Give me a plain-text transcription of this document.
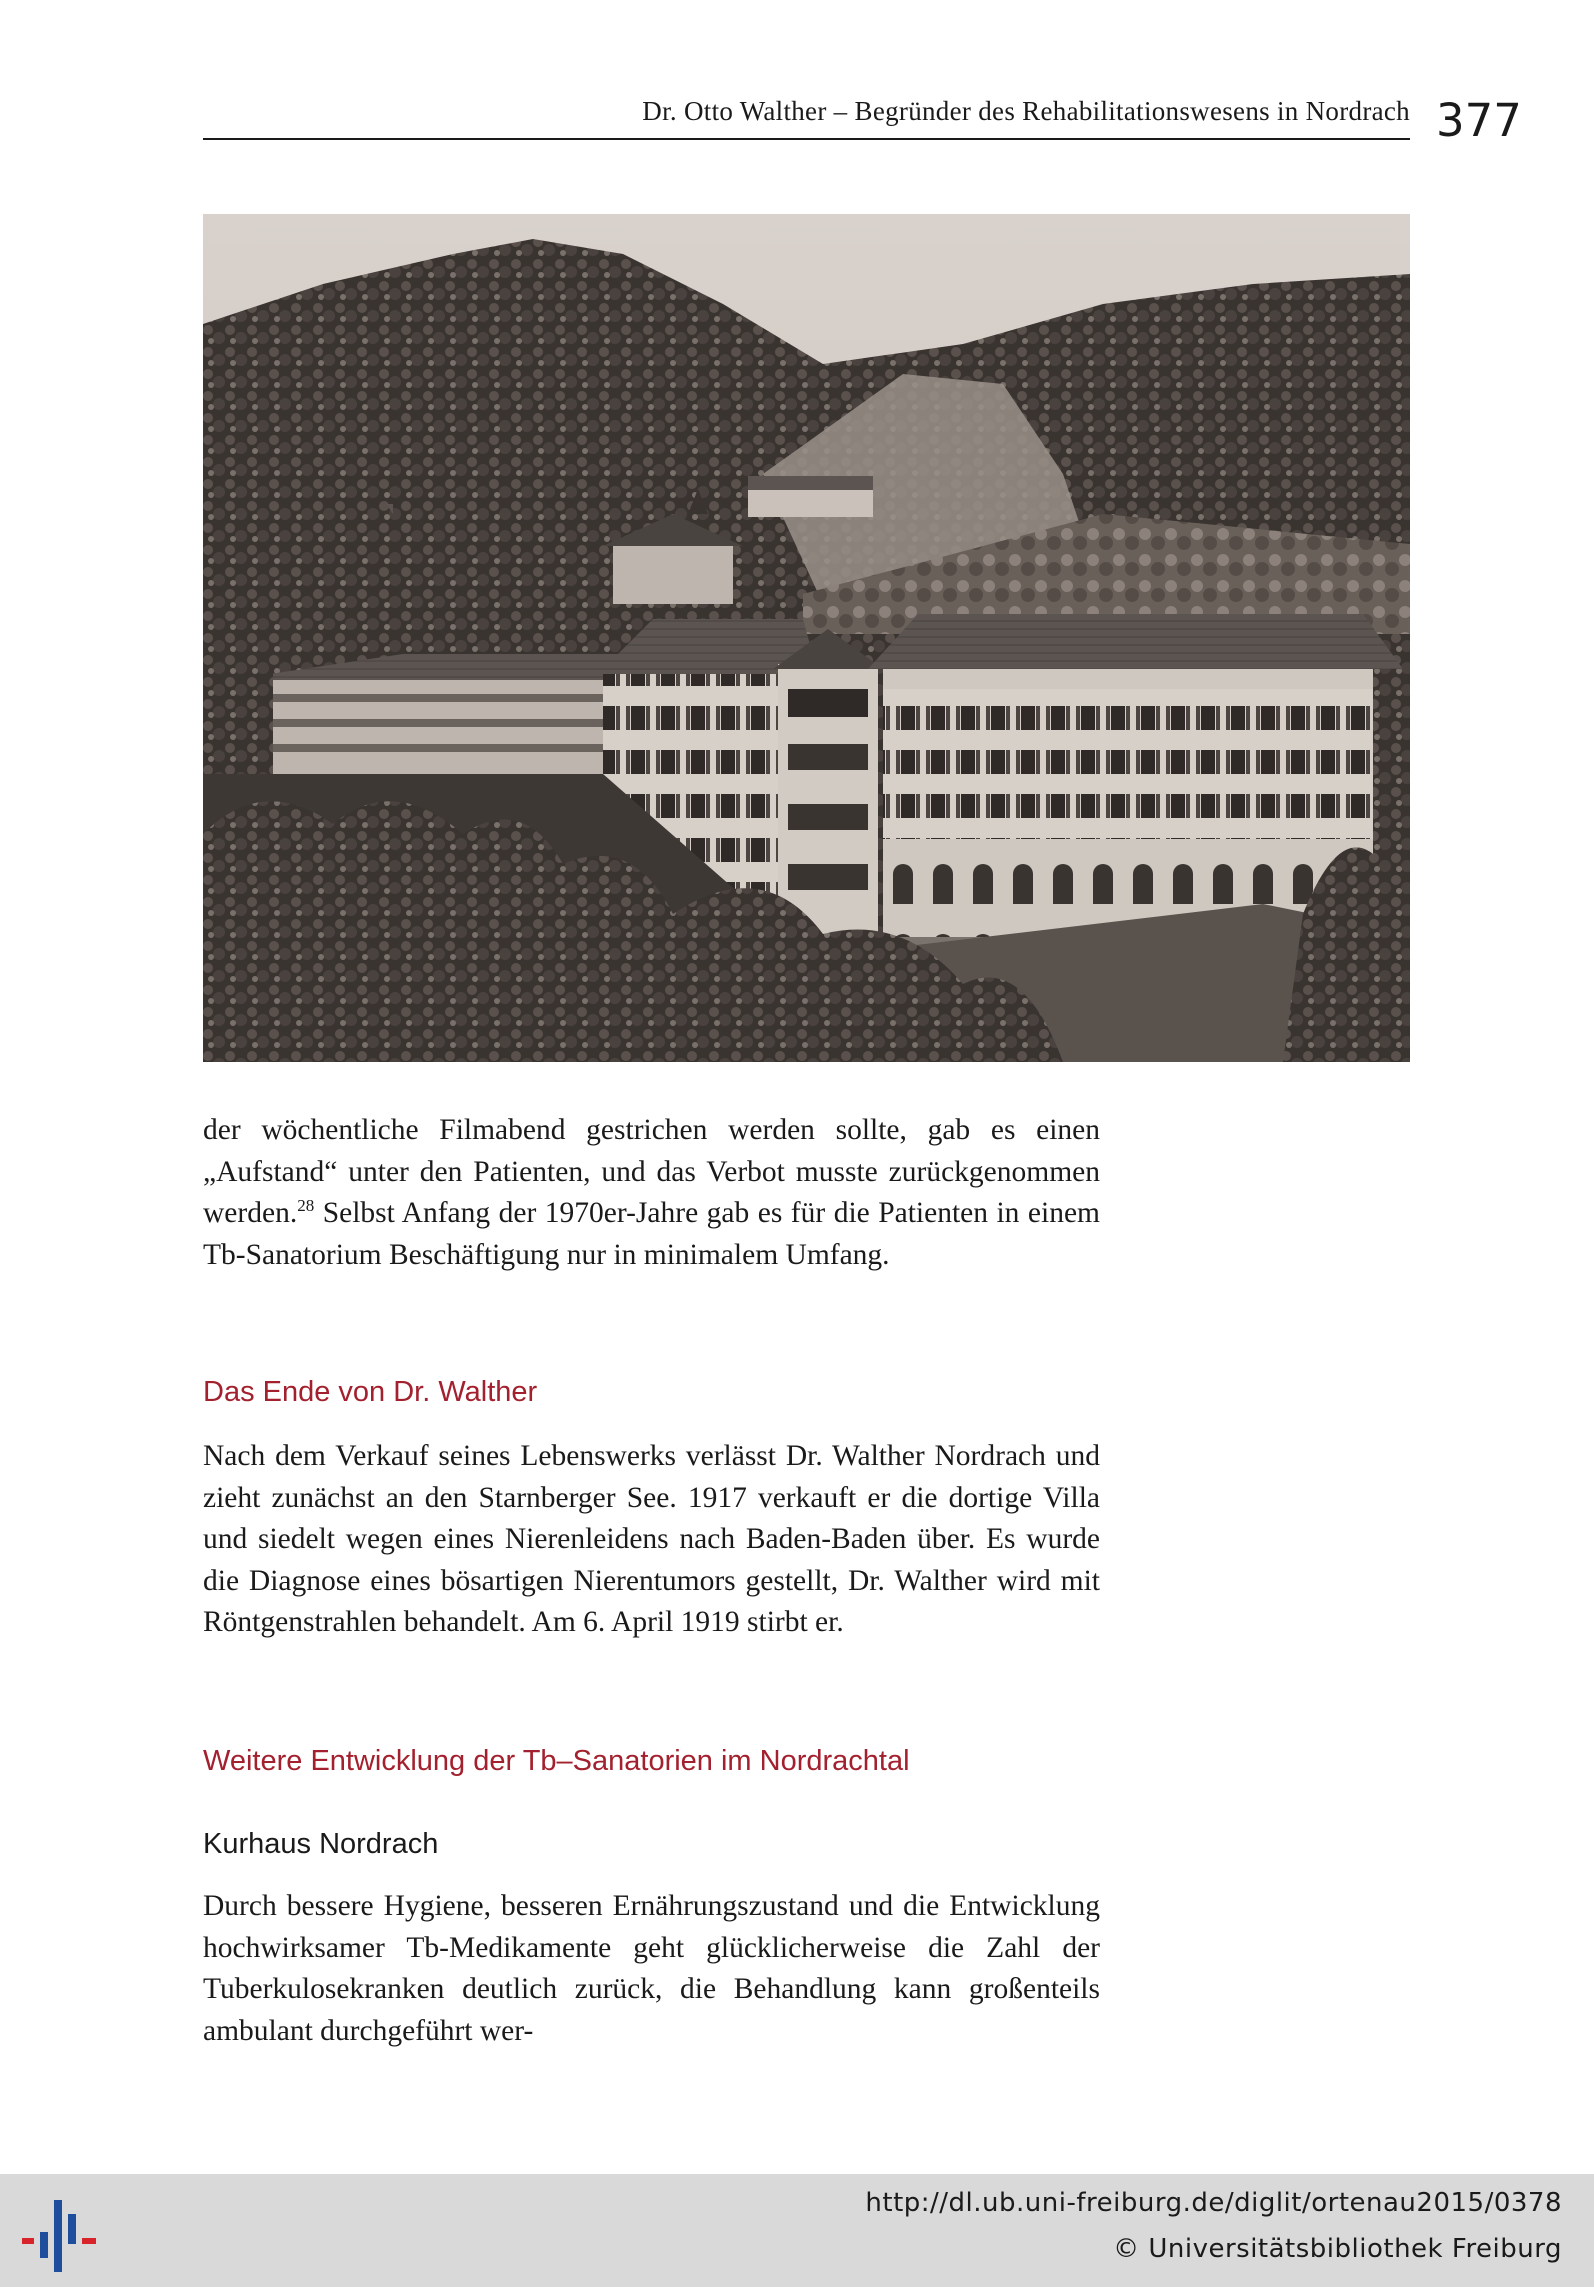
Dr. Otto Walther – Begründer des Rehabilitationswesens in Nordrach 377
der wöchentliche Filmabend gestrichen werden sollte, gab es einen „Aufstand“ unter den Patienten, und das Verbot musste zurückgenommen werden.$^{28}$ Selbst Anfang der 1970er-Jahre gab es für die Patienten in einem Tb-Sanatorium Beschäftigung nur in minimalem Umfang.
Das Ende von Dr. Walther
Nach dem Verkauf seines Lebenswerks verlässt Dr. Walther Nordrach und zieht zunächst an den Starnberger See. 1917 verkauft er die dortige Villa und siedelt wegen eines Nierenleidens nach Baden-Baden über. Es wurde die Diagnose eines bösartigen Nierentumors gestellt, Dr. Walther wird mit Röntgenstrahlen behandelt. Am 6. April 1919 stirbt er.
Weitere Entwicklung der Tb–Sanatorien im Nordrachtal
Kurhaus Nordrach
Durch bessere Hygiene, besseren Ernährungszustand und die Entwicklung hochwirksamer Tb-Medikamente geht glücklicherweise die Zahl der Tuberkulosekranken deutlich zurück, die Behandlung kann großenteils ambulant durchgeführt wer-
http://dl.ub.uni-freiburg.de/diglit/ortenau2015/0378
© Universitätsbibliothek Freiburg
